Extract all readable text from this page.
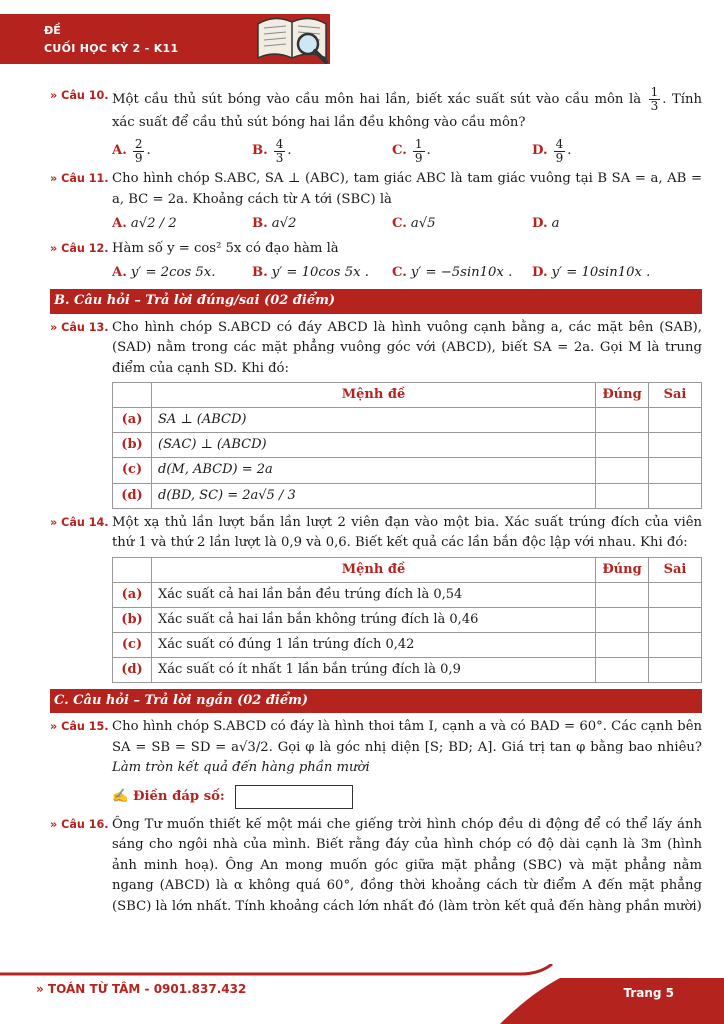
ĐỀ
CUỐI HỌC KỲ 2 - K11
» Câu 10. Một cầu thủ sút bóng vào cầu môn hai lần, biết xác suất sút vào cầu môn là $\frac{1}{3}$ . Tính xác suất để cầu thủ sút bóng hai lần đều không vào cầu môn?
A. $\frac{2}{9}$ .	B. $\frac{4}{3}$ .	C. $\frac{1}{9}$ .	D. $\frac{4}{9}$ .
» Câu 11. Cho hình chóp S.ABC, SA ⊥ (ABC), tam giác ABC là tam giác vuông tại B SA = a, AB = a, BC = 2a. Khoảng cách từ A tới (SBC) là
A. a√2 / 2	B. a√2	C. a√5	D. a
» Câu 12. Hàm số y = cos² 5x có đạo hàm là
A. y′ = 2cos 5x.	B. y′ = 10cos 5x . C. y′ = −5sin10x . D. y′ = 10sin10x .
B. Câu hỏi – Trả lời đúng/sai (02 điểm)
» Câu 13. Cho hình chóp S.ABCD có đáy ABCD là hình vuông cạnh bằng a, các mặt bên (SAB),(SAD) nằm trong các mặt phẳng vuông góc với (ABCD), biết SA = 2a. Gọi M là trung điểm của cạnh SD. Khi đó:
	Mệnh đề	Đúng	Sai
(a)	SA ⊥ (ABCD)		
(b)	(SAC) ⊥ (ABCD)		
(c)	d(M, ABCD) = 2a		
(d)	d(BD, SC) = 2a√5 / 3		
» Câu 14. Một xạ thủ lần lượt bắn lần lượt 2 viên đạn vào một bia. Xác suất trúng đích của viên thứ 1 và thứ 2 lần lượt là 0,9 và 0,6. Biết kết quả các lần bắn độc lập với nhau. Khi đó:
	Mệnh đề	Đúng	Sai
(a)	Xác suất cả hai lần bắn đều trúng đích là 0,54		
(b)	Xác suất cả hai lần bắn không trúng đích là 0,46		
(c)	Xác suất có đúng 1 lần trúng đích 0,42		
(d)	Xác suất có ít nhất 1 lần bắn trúng đích là 0,9		
C. Câu hỏi – Trả lời ngắn (02 điểm)
» Câu 15. Cho hình chóp S.ABCD có đáy là hình thoi tâm I, cạnh a và có BAD = 60°. Các cạnh bên SA = SB = SD = a√3/2. Gọi φ là góc nhị diện [S; BD; A]. Giá trị tan φ bằng bao nhiêu? Làm tròn kết quả đến hàng phần mười
✍ Điền đáp số:
» Câu 16. Ông Tư muốn thiết kế một mái che giếng trời hình chóp đều di động để có thể lấy ánh sáng cho ngôi nhà của mình. Biết rằng đáy của hình chóp có độ dài cạnh là 3m (hình ảnh minh hoạ). Ông An mong muốn góc giữa mặt phẳng (SBC) và mặt phẳng nằm ngang (ABCD) là α không quá 60°, đồng thời khoảng cách từ điểm A đến mặt phẳng (SBC) là lớn nhất. Tính khoảng cách lớn nhất đó (làm tròn kết quả đến hàng phần mười)
» TOÁN TỪ TÂM - 0901.837.432	Trang 5
